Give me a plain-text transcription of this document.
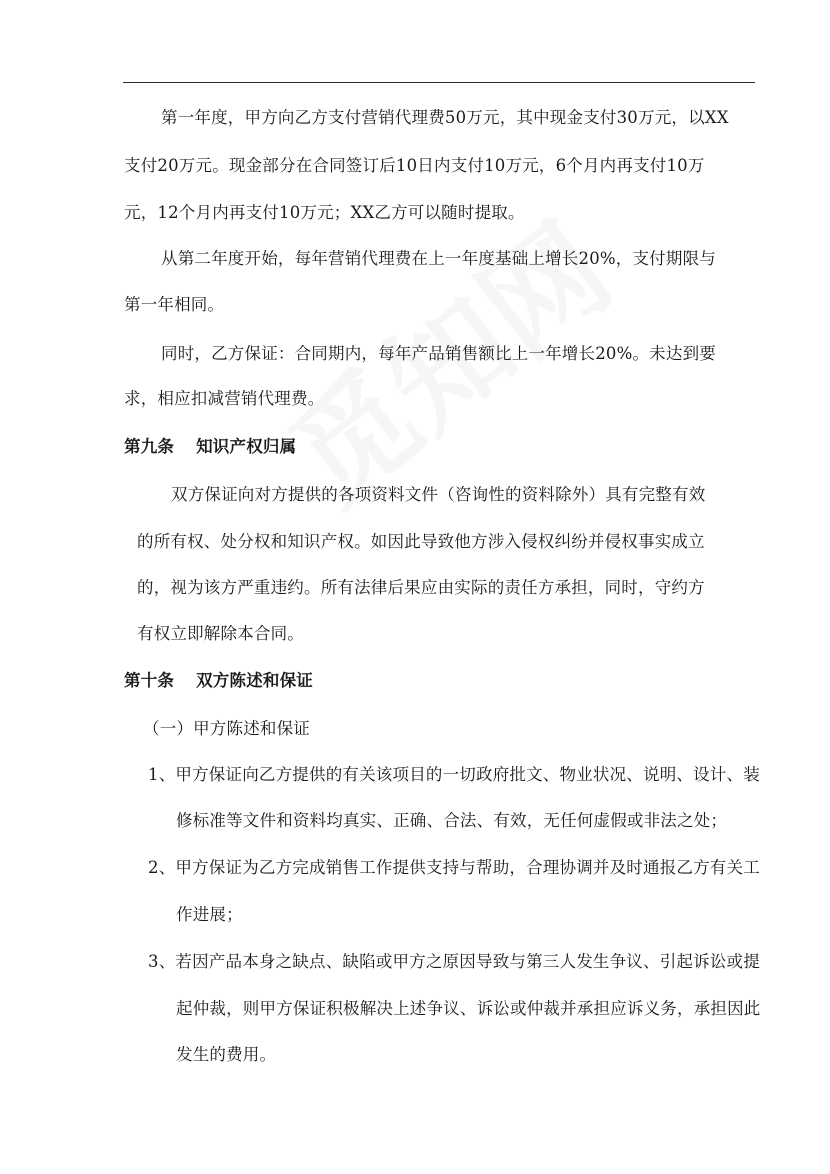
第一年度，甲方向乙方支付营销代理费50万元，其中现金支付30万元，以XX
支付20万元。现金部分在合同签订后10日内支付10万元，6个月内再支付10万
元，12个月内再支付10万元；XX乙方可以随时提取。
从第二年度开始，每年营销代理费在上一年度基础上增长20%，支付期限与
第一年相同。
同时，乙方保证：合同期内，每年产品销售额比上一年增长20%。未达到要
求，相应扣减营销代理费。
第九条 知识产权归属
双方保证向对方提供的各项资料文件（咨询性的资料除外）具有完整有效
的所有权、处分权和知识产权。如因此导致他方涉入侵权纠纷并侵权事实成立
的，视为该方严重违约。所有法律后果应由实际的责任方承担，同时，守约方
有权立即解除本合同。
第十条 双方陈述和保证
（一）甲方陈述和保证
1、甲方保证向乙方提供的有关该项目的一切政府批文、物业状况、说明、设计、装
修标准等文件和资料均真实、正确、合法、有效，无任何虚假或非法之处；
2、甲方保证为乙方完成销售工作提供支持与帮助，合理协调并及时通报乙方有关工
作进展；
3、若因产品本身之缺点、缺陷或甲方之原因导致与第三人发生争议、引起诉讼或提
起仲裁，则甲方保证积极解决上述争议、诉讼或仲裁并承担应诉义务，承担因此
发生的费用。
